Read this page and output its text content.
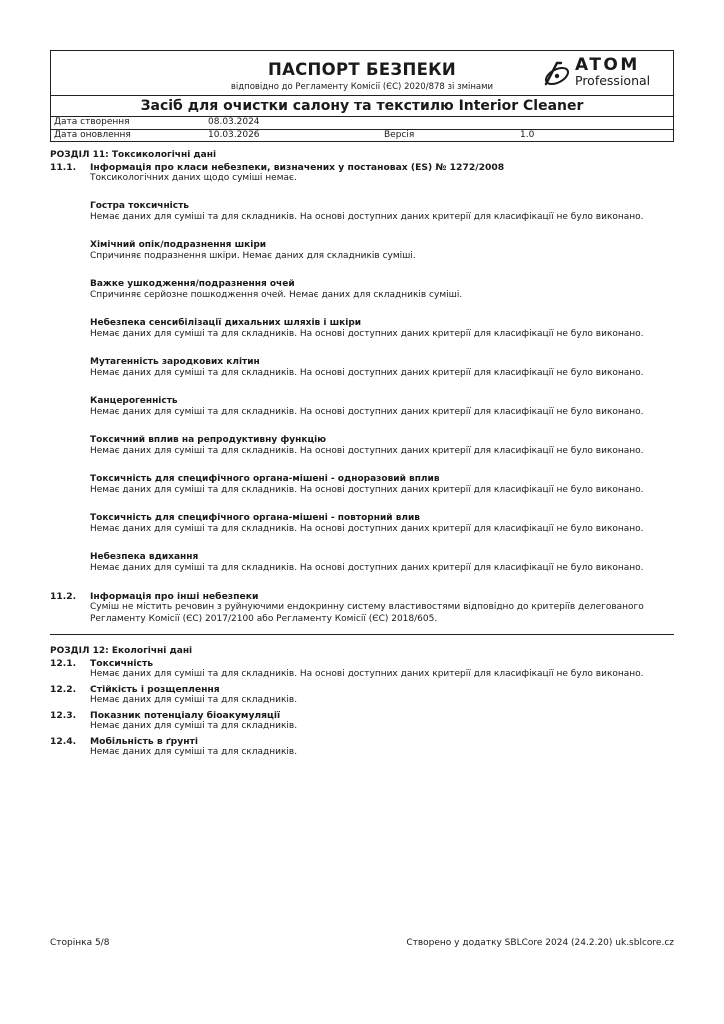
ПАСПОРТ БЕЗПЕКИ
відповідно до Регламенту Комісії (ЄС) 2020/878 зі змінами
ATOM
Professional
Засіб для очистки салону та текстилю Interior Cleaner
Дата створення	08.03.2024
Дата оновлення	10.03.2026	Версія	1.0
РОЗДІЛ 11: Токсикологічні дані
11.1. Інформація про класи небезпеки, визначених у постановах (ES) № 1272/2008
Токсикологічних даних щодо суміші немає.
Гостра токсичність
Немає даних для суміші та для складників. На основі доступних даних критерії для класифікації не було виконано.
Хімічний опік/подразнення шкіри
Спричиняє подразнення шкіри. Немає даних для складників суміші.
Важке ушкодження/подразнення очей
Спричиняє серйозне пошкодження очей. Немає даних для складників суміші.
Небезпека сенсибілізації дихальних шляхів і шкіри
Немає даних для суміші та для складників. На основі доступних даних критерії для класифікації не було виконано.
Мутагенність зародкових клітин
Немає даних для суміші та для складників. На основі доступних даних критерії для класифікації не було виконано.
Канцерогенність
Немає даних для суміші та для складників. На основі доступних даних критерії для класифікації не було виконано.
Токсичний вплив на репродуктивну функцію
Немає даних для суміші та для складників. На основі доступних даних критерії для класифікації не було виконано.
Токсичність для специфічного органа-мішені - одноразовий вплив
Немає даних для суміші та для складників. На основі доступних даних критерії для класифікації не було виконано.
Токсичність для специфічного органа-мішені - повторний влив
Немає даних для суміші та для складників. На основі доступних даних критерії для класифікації не було виконано.
Небезпека вдихання
Немає даних для суміші та для складників. На основі доступних даних критерії для класифікації не було виконано.
11.2. Інформація про інші небезпеки
Суміш не містить речовин з руйнуючими ендокринну систему властивостями відповідно до критеріїв делегованого Регламенту Комісії (ЄС) 2017/2100 або Регламенту Комісії (ЄС) 2018/605.
РОЗДІЛ 12: Екологічні дані
12.1. Токсичність
Немає даних для суміші та для складників. На основі доступних даних критерії для класифікації не було виконано.
12.2. Стійкість і розщеплення
Немає даних для суміші та для складників.
12.3. Показник потенціалу біоакумуляції
Немає даних для суміші та для складників.
12.4. Мобільність в ґрунті
Немає даних для суміші та для складників.
Сторінка 5/8	Створено у додатку SBLCore 2024 (24.2.20) uk.sblcore.cz
